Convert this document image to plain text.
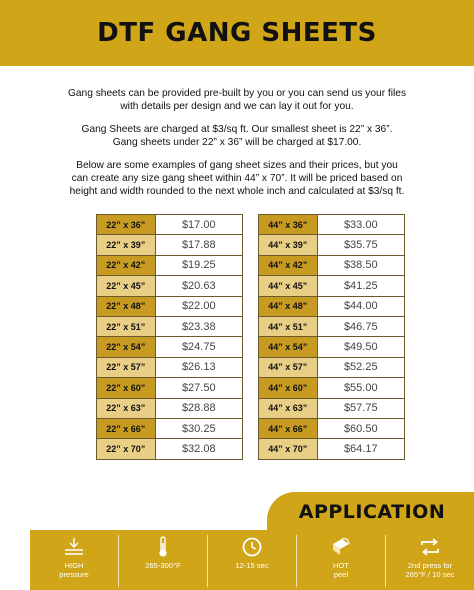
DTF GANG SHEETS

Gang sheets can be provided pre-built by you or you can send us your files
with details per design and we can lay it out for you.

Gang Sheets are charged at $3/sq ft. Our smallest sheet is 22” x 36”.
Gang sheets under 22” x 36” will be charged at $17.00.

Below are some examples of gang sheet sizes and their prices, but you
can create any size gang sheet within 44” x 70”. It will be priced based on
height and width rounded to the next whole inch and calculated at $3/sq ft.

22” x 36”	$17.00
22” x 39”	$17.88
22” x 42”	$19.25
22” x 45”	$20.63
22” x 48”	$22.00
22” x 51”	$23.38
22” x 54”	$24.75
22” x 57”	$26.13
22” x 60”	$27.50
22” x 63”	$28.88
22” x 66”	$30.25
22” x 70”	$32.08
44” x 36”	$33.00
44” x 39”	$35.75
44” x 42”	$38.50
44” x 45”	$41.25
44” x 48”	$44.00
44” x 51”	$46.75
44” x 54”	$49.50
44” x 57”	$52.25
44” x 60”	$55.00
44” x 63”	$57.75
44” x 66”	$60.50
44” x 70”	$64.17
APPLICATION
HIGH
pressure
265-300°F	12-15 sec	HOT
peel
2nd press for
265°F / 10 sec
